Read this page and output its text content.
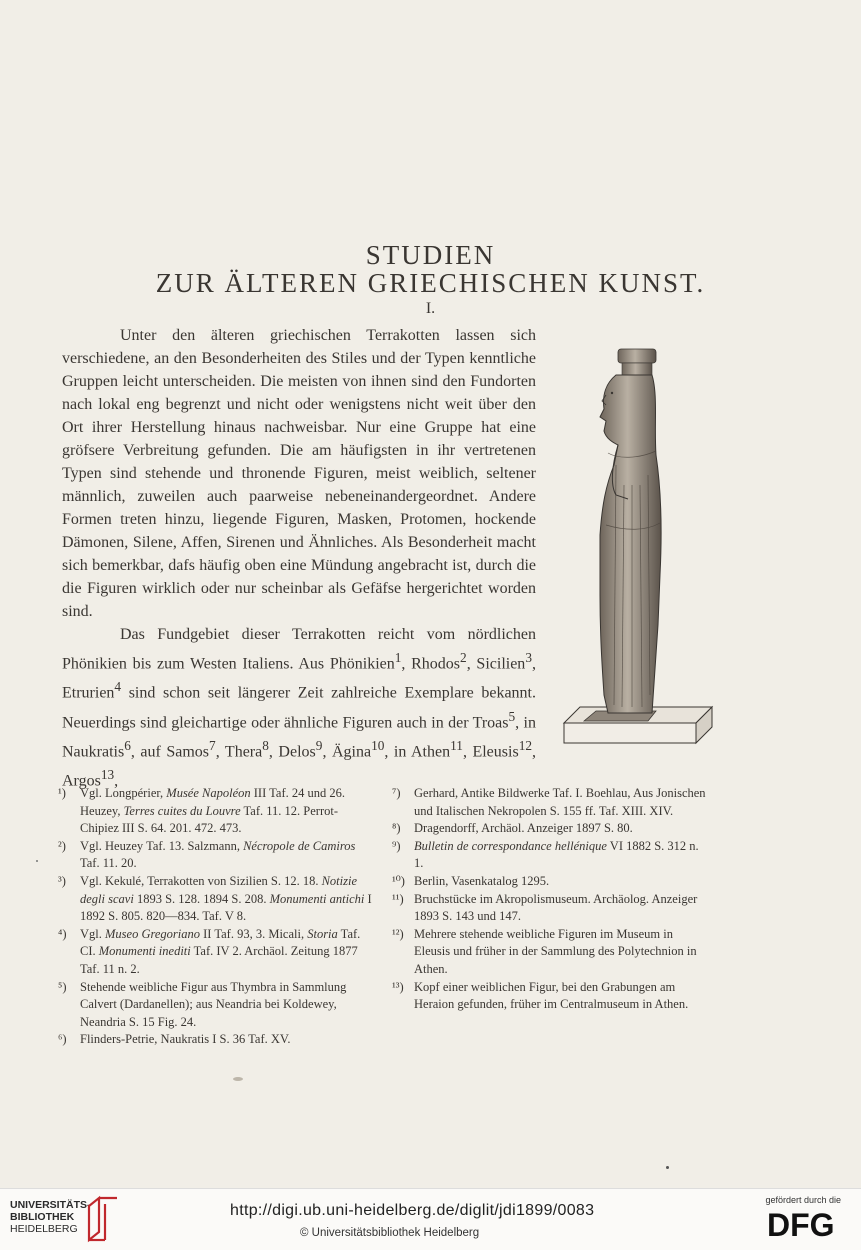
STUDIEN
ZUR ÄLTEREN GRIECHISCHEN KUNST.
I.

Unter den älteren griechischen Terrakotten lassen sich verschiedene, an den Besonderheiten des Stiles und der Typen kenntliche Gruppen leicht unterscheiden. Die meisten von ihnen sind den Fundorten nach lokal eng begrenzt und nicht oder wenigstens nicht weit über den Ort ihrer Herstellung hinaus nachweisbar. Nur eine Gruppe hat eine gröfsere Verbreitung gefunden. Die am häufigsten in ihr vertretenen Typen sind stehende und thronende Figuren, meist weiblich, seltener männlich, zuweilen auch paarweise nebeneinandergeordnet. Andere Formen treten hinzu, liegende Figuren, Masken, Protomen, hockende Dämonen, Silene, Affen, Sirenen und Ähnliches. Als Besonderheit macht sich bemerkbar, dafs häufig oben eine Mündung angebracht ist, durch die die Figuren wirklich oder nur scheinbar als Gefäfse hergerichtet worden sind.

Das Fundgebiet dieser Terrakotten reicht vom nördlichen Phönikien bis zum Westen Italiens. Aus Phönikien$^1$, Rhodos$^2$, Sicilien$^3$, Etrurien$^4$ sind schon seit längerer Zeit zahlreiche Exemplare bekannt. Neuerdings sind gleichartige oder ähnliche Figuren auch in der Troas$^5$, in Naukratis$^6$, auf Samos$^7$, Thera$^8$, Delos$^9$, Ägina$^{10}$, in Athen$^{11}$, Eleusis$^{12}$, Argos$^{13}$,

¹) Vgl. Longpérier, Musée Napoléon III Taf. 24 und 26. Heuzey, Terres cuites du Louvre Taf. 11. 12. Perrot-Chipiez III S. 64. 201. 472. 473.

²) Vgl. Heuzey Taf. 13. Salzmann, Nécropole de Camiros Taf. 11. 20.

³) Vgl. Kekulé, Terrakotten von Sizilien S. 12. 18. Notizie degli scavi 1893 S. 128. 1894 S. 208. Monumenti antichi I 1892 S. 805. 820—834. Taf. V 8.

⁴) Vgl. Museo Gregoriano II Taf. 93, 3. Micali, Storia Taf. CI. Monumenti inediti Taf. IV 2. Archäol. Zeitung 1877 Taf. 11 n. 2.

⁵) Stehende weibliche Figur aus Thymbra in Sammlung Calvert (Dardanellen); aus Neandria bei Koldewey, Neandria S. 15 Fig. 24.

⁶) Flinders-Petrie, Naukratis I S. 36 Taf. XV.

⁷) Gerhard, Antike Bildwerke Taf. I. Boehlau, Aus Jonischen und Italischen Nekropolen S. 155 ff. Taf. XIII. XIV.

⁸) Dragendorff, Archäol. Anzeiger 1897 S. 80.

⁹) Bulletin de correspondance hellénique VI 1882 S. 312 n. 1.

¹⁰) Berlin, Vasenkatalog 1295.

¹¹) Bruchstücke im Akropolismuseum. Archäolog. Anzeiger 1893 S. 143 und 147.

¹²) Mehrere stehende weibliche Figuren im Museum in Eleusis und früher in der Sammlung des Polytechnion in Athen.

¹³) Kopf einer weiblichen Figur, bei den Grabungen am Heraion gefunden, früher im Centralmuseum in Athen.

UNIVERSITÄTS-
BIBLIOTHEK
HEIDELBERG
http://digi.ub.uni-heidelberg.de/diglit/jdi1899/0083
© Universitätsbibliothek Heidelberg
gefördert durch die
DFG
